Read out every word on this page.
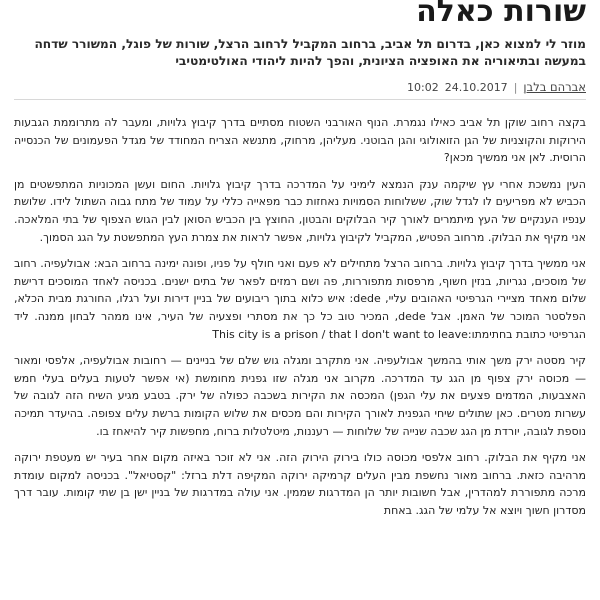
שורות כאלה
מוזר לי למצוא כאן, בדרום תל אביב, ברחוב המקביל לרחוב הרצל, שורות של פוגל, המשורר שדחה במעשה ובתיאוריה את האופציה הציונית, והפך להיות ליהודי האולטימטיבי
אברהם בלבן
|
24.10.2017
10:02

בקצה רחוב שוקן תל אביב כאילו נגמרת. הנוף האורבני השטוח מסתיים בדרך קיבוץ גלויות, ומעבר לה מתרוממת הגבעות הירוקות והקוצניות של הגן הזואולוגי והגן הבוטני. מעליהן, מרחוק, מתנשא הצריח המחודד של מגדל הפעמונים של הכנסייה הרוסית. לאן אני ממשיך מכאן?

העין נמשכת אחרי עץ שיקמה ענק הנמצא לימיני על המדרכה בדרך קיבוץ גלויות. החום ועשן המכוניות המתפשטים מן הכביש לא מפריעים לו לגדל שוק, ששלוחות הסמויות נאחזות כבר מפאייה כללי על עמוד של מתח גבוה השתול לידו. שלושת ענפיו הענקיים של העץ מיתמרים לאורך קיר הבלוקים והבטון, החוצץ בין הכביש הסואן לבין הגוש הצפוף של בתי המלאכה. אני מקיף את הבלוק. מרחוב הפטיש, המקביל לקיבוץ גלויות, אפשר לראות את צמרת העץ המתפשטת על הגג הסמוך.

אני ממשיך בדרך קיבוץ גלויות. ברחוב הרצל מתחילים לא פעם ואני חולף על פניו, ופונה ימינה ברחוב הבא: אבולעפיה. רחוב של מוסכים, נגריות, בנזין חשוף, מרפסות מתפוררות, פה ושם רמזים לפאר של בתים ישנים. בכניסה לאחד המוסכים דרישת שלום מאחד מציירי הגרפיטי האהובים עליי, dede: איש כלוא בתוך ריבועים של בניין דירות ועל רגלו, החורגת מבית הכלא, הפלסטר המוכר של האמן. אבל dede, המכיר טוב כל כך את מסתרי ופצעיה של העיר, אינו ממהר לבחון ממנה. ליד הגרפיטי כתובת בחתימתו:This city is a prison / that I don't want to leave

קיר מסטה ירק משך אותי בהמשך אבולעפיה. אני מתקרב ומגלה גוש שלם של בניינים — רחובות אבולעפיה, אלפסי ומאור — מכוסה ירק צפוף מן הגג עד המדרכה. מקרוב אני מגלה שזו גפנית מחומשת (אי אפשר לטעות בעלים בעלי חמש האצבעות, המדמים פצעים את עלי הגפן) המכסה את הקירות בשכבה כפולה של ירק. בטבע מגיע השיח הזה לגובה של עשרות מטרים. כאן שתולים שיחי הגפנית לאורך הקירות והם מכסים את שלוש הקומות ברשת עלים צפופה. בהיעדר תמיכה נוספת לגובה, יורדת מן הגג שכבה שנייה של שלוחות — רעננות, מיטלטלות ברוח, מחפשות קיר להיאחז בו.

אני מקיף את הבלוק. רחוב אלפסי מכוסה כולו בירוק הירוק הזה. אני לא זוכר באיזה מקום אחר בעיר יש מעטפת ירוקה מרהיבה כזאת. ברחוב מאור נחשפת מבין העלים קרמיקה ירוקה המקיפה דלת ברזל: "קסטיאל". בכניסה למקום עומדת מרכה מתפוררת למהדרין, אבל חשובות יותר הן המדרגות שממין. אני עולה במדרגות של בניין ישן בן שתי קומות. עובר דרך מסדרון חשוך ויוצא אל עלמי של הגג. באחת
